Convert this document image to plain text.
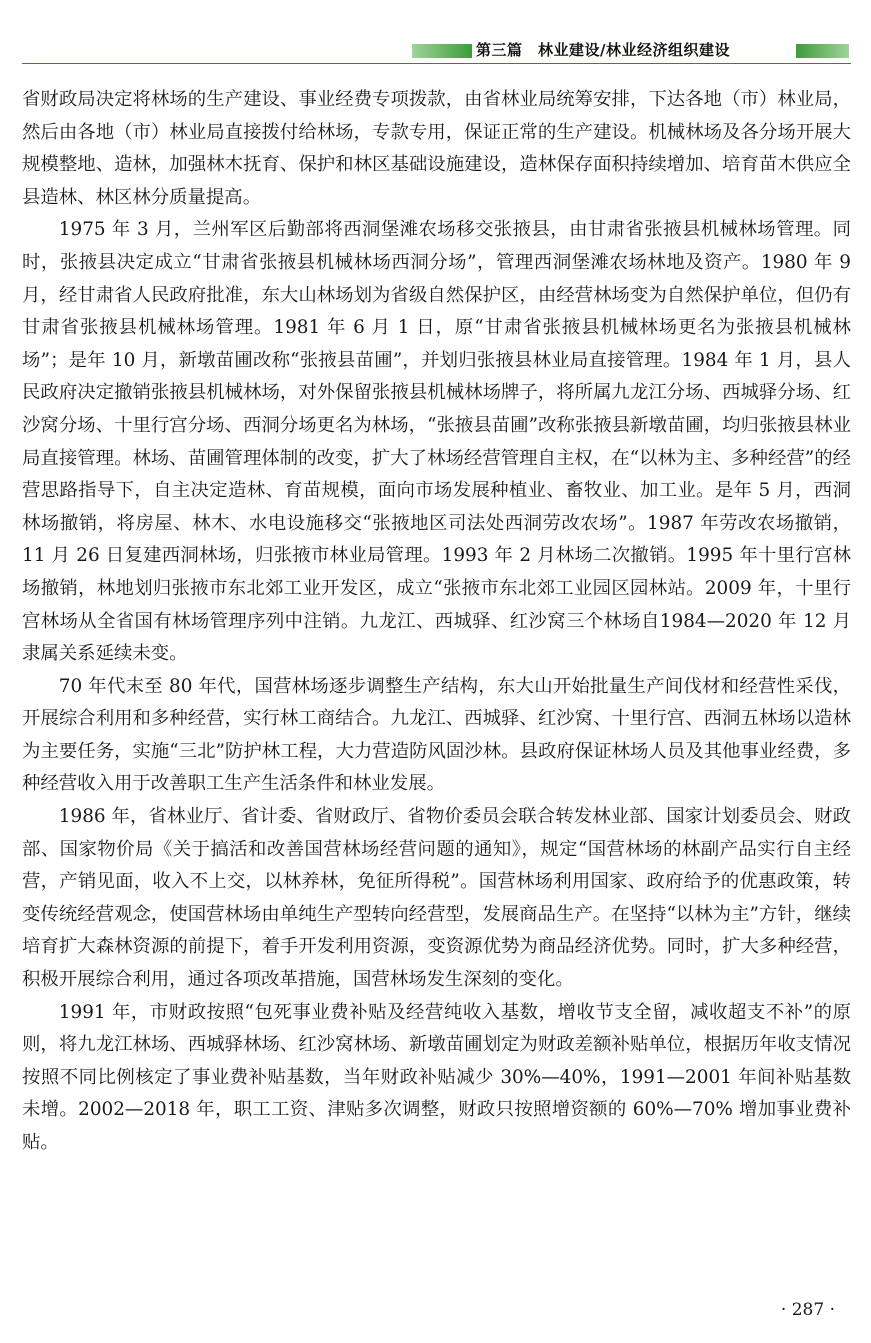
第三篇　林业建设/林业经济组织建设

省财政局决定将林场的生产建设、事业经费专项拨款，由省林业局统筹安排，下达各地（市）林业局，然后由各地（市）林业局直接拨付给林场，专款专用，保证正常的生产建设。机械林场及各分场开展大规模整地、造林，加强林木抚育、保护和林区基础设施建设，造林保存面积持续增加、培育苗木供应全县造林、林区林分质量提高。

1975 年 3 月，兰州军区后勤部将西洞堡滩农场移交张掖县，由甘肃省张掖县机械林场管理。同时，张掖县决定成立“甘肃省张掖县机械林场西洞分场”，管理西洞堡滩农场林地及资产。1980 年 9 月，经甘肃省人民政府批准，东大山林场划为省级自然保护区，由经营林场变为自然保护单位，但仍有甘肃省张掖县机械林场管理。1981 年 6 月 1 日，原“甘肃省张掖县机械林场更名为张掖县机械林场”；是年 10 月，新墩苗圃改称“张掖县苗圃”，并划归张掖县林业局直接管理。1984 年 1 月，县人民政府决定撤销张掖县机械林场，对外保留张掖县机械林场牌子，将所属九龙江分场、西城驿分场、红沙窝分场、十里行宫分场、西洞分场更名为林场，“张掖县苗圃”改称张掖县新墩苗圃，均归张掖县林业局直接管理。林场、苗圃管理体制的改变，扩大了林场经营管理自主权，在“以林为主、多种经营”的经营思路指导下，自主决定造林、育苗规模，面向市场发展种植业、畜牧业、加工业。是年 5 月，西洞林场撤销，将房屋、林木、水电设施移交“张掖地区司法处西洞劳改农场”。1987 年劳改农场撤销，11 月 26 日复建西洞林场，归张掖市林业局管理。1993 年 2 月林场二次撤销。1995 年十里行宫林场撤销，林地划归张掖市东北郊工业开发区，成立“张掖市东北郊工业园区园林站。2009 年，十里行宫林场从全省国有林场管理序列中注销。九龙江、西城驿、红沙窝三个林场自1984—2020 年 12 月隶属关系延续未变。

70 年代末至 80 年代，国营林场逐步调整生产结构，东大山开始批量生产间伐材和经营性采伐，开展综合利用和多种经营，实行林工商结合。九龙江、西城驿、红沙窝、十里行宫、西洞五林场以造林为主要任务，实施“三北”防护林工程，大力营造防风固沙林。县政府保证林场人员及其他事业经费，多种经营收入用于改善职工生产生活条件和林业发展。

1986 年，省林业厅、省计委、省财政厅、省物价委员会联合转发林业部、国家计划委员会、财政部、国家物价局《关于搞活和改善国营林场经营问题的通知》，规定“国营林场的林副产品实行自主经营，产销见面，收入不上交，以林养林，免征所得税”。国营林场利用国家、政府给予的优惠政策，转变传统经营观念，使国营林场由单纯生产型转向经营型，发展商品生产。在坚持“以林为主”方针，继续培育扩大森林资源的前提下，着手开发利用资源，变资源优势为商品经济优势。同时，扩大多种经营，积极开展综合利用，通过各项改革措施，国营林场发生深刻的变化。

1991 年，市财政按照“包死事业费补贴及经营纯收入基数，增收节支全留，减收超支不补”的原则，将九龙江林场、西城驿林场、红沙窝林场、新墩苗圃划定为财政差额补贴单位，根据历年收支情况按照不同比例核定了事业费补贴基数，当年财政补贴减少 30%—40%，1991—2001 年间补贴基数未增。2002—2018 年，职工工资、津贴多次调整，财政只按照增资额的 60%—70% 增加事业费补贴。

· 287 ·
